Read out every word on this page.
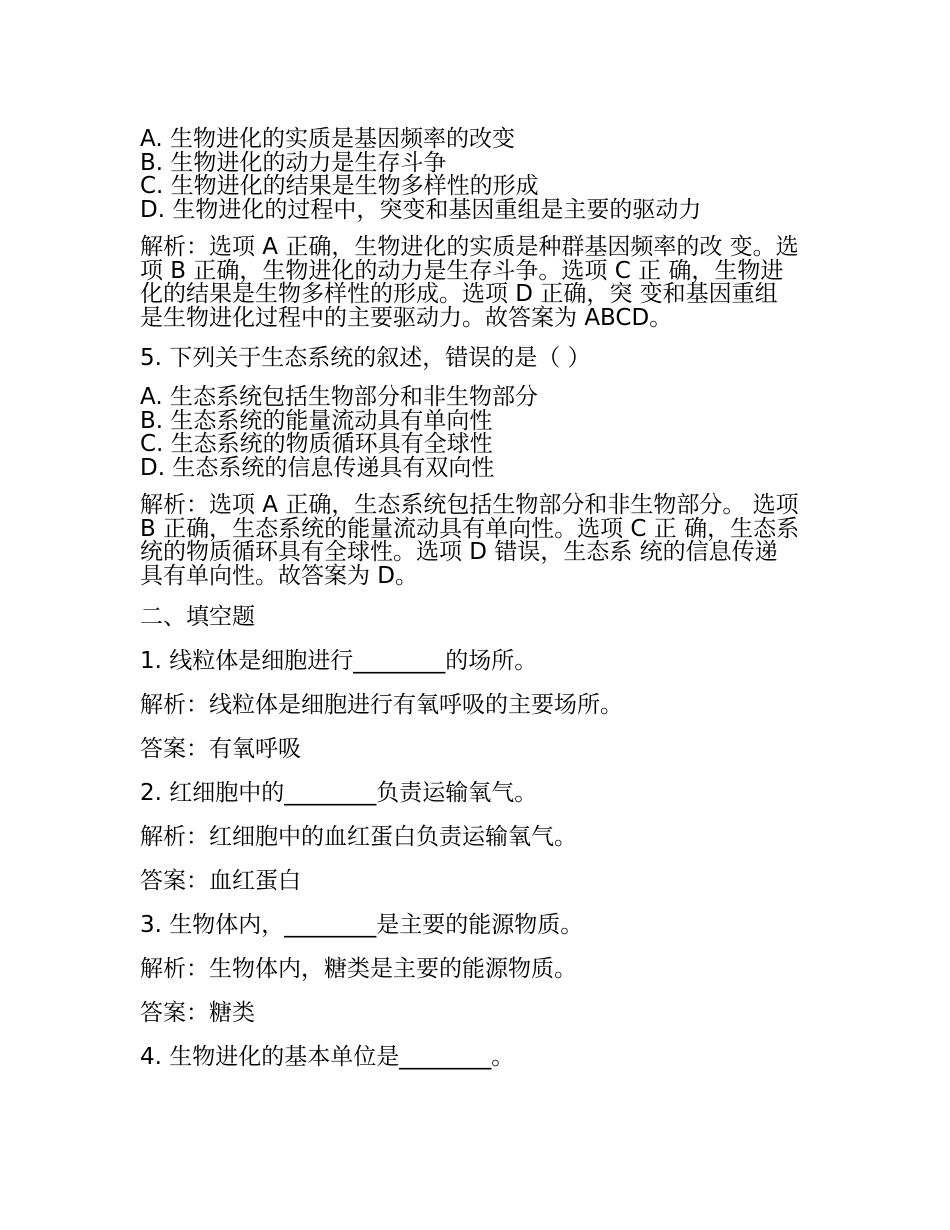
A. 生物进化的实质是基因频率的改变
B. 生物进化的动力是生存斗争
C. 生物进化的结果是生物多样性的形成
D. 生物进化的过程中，突变和基因重组是主要的驱动力
解析：选项 A 正确，生物进化的实质是种群基因频率的改 变。选项 B 正确，生物进化的动力是生存斗争。选项 C 正 确，生物进化的结果是生物多样性的形成。选项 D 正确，突 变和基因重组是生物进化过程中的主要驱动力。故答案为 ABCD。
5. 下列关于生态系统的叙述，错误的是（ ）
A. 生态系统包括生物部分和非生物部分
B. 生态系统的能量流动具有单向性
C. 生态系统的物质循环具有全球性
D. 生态系统的信息传递具有双向性
解析：选项 A 正确，生态系统包括生物部分和非生物部分。 选项 B 正确，生态系统的能量流动具有单向性。选项 C 正 确，生态系统的物质循环具有全球性。选项 D 错误，生态系 统的信息传递具有单向性。故答案为 D。
二、填空题
1. 线粒体是细胞进行________的场所。
解析：线粒体是细胞进行有氧呼吸的主要场所。
答案：有氧呼吸
2. 红细胞中的________负责运输氧气。
解析：红细胞中的血红蛋白负责运输氧气。
答案：血红蛋白
3. 生物体内，________是主要的能源物质。
解析：生物体内，糖类是主要的能源物质。
答案：糖类
4. 生物进化的基本单位是________。
